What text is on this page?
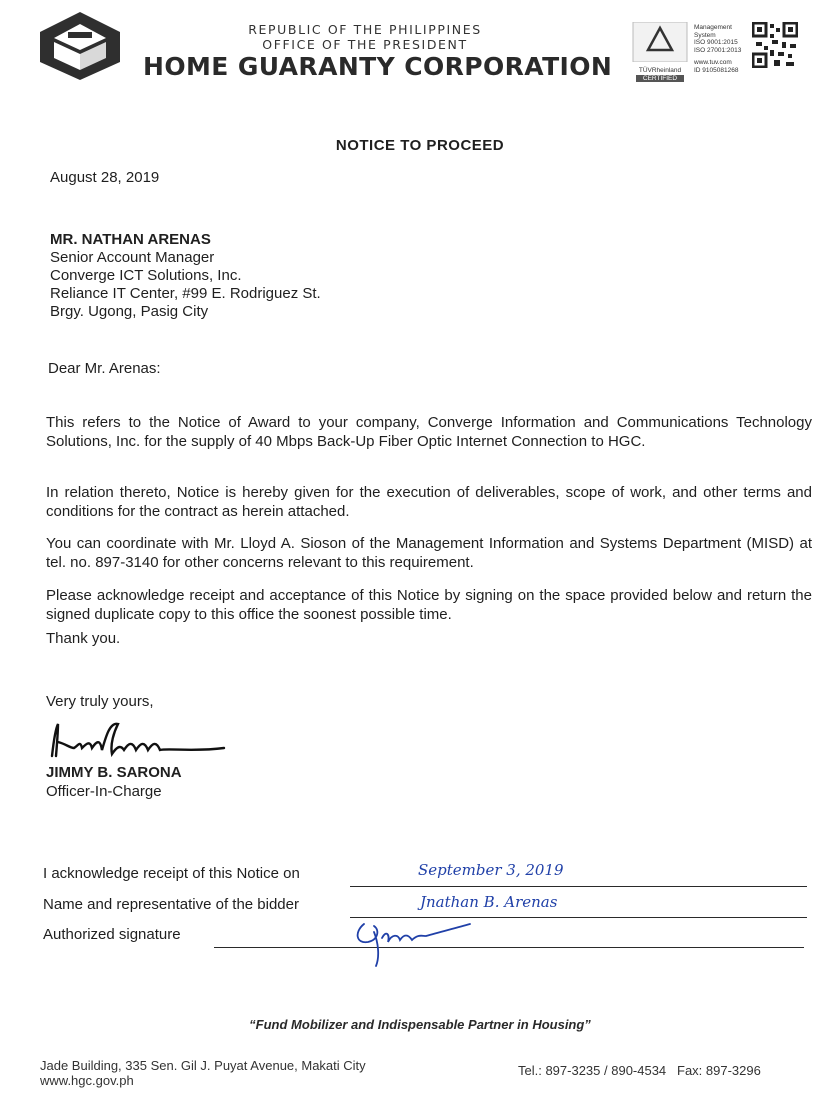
REPUBLIC OF THE PHILIPPINES
OFFICE OF THE PRESIDENT
HOME GUARANTY CORPORATION	TÜVRheinland
CERTIFIED
Management
System
ISO 9001:2015
ISO 27001:2013
www.tuv.com
ID 9105081268
NOTICE TO PROCEED
August 28, 2019
MR. NATHAN ARENAS
Senior Account Manager
Converge ICT Solutions, Inc.
Reliance IT Center, #99 E. Rodriguez St.
Brgy. Ugong, Pasig City
Dear Mr. Arenas:
This refers to the Notice of Award to your company, Converge Information and Communications Technology Solutions, Inc. for the supply of 40 Mbps Back-Up Fiber Optic Internet Connection to HGC.
In relation thereto, Notice is hereby given for the execution of deliverables, scope of work, and other terms and conditions for the contract as herein attached.
You can coordinate with Mr. Lloyd A. Sioson of the Management Information and Systems Department (MISD) at tel. no. 897-3140 for other concerns relevant to this requirement.
Please acknowledge receipt and acceptance of this Notice by signing on the space provided below and return the signed duplicate copy to this office the soonest possible time.
Thank you.
Very truly yours,
JIMMY B. SARONA
Officer-In-Charge
I acknowledge receipt of this Notice on	September 3, 2019
Name and representative of the bidder	Jnathan B. Arenas
Authorized signature
“Fund Mobilizer and Indispensable Partner in Housing”
Jade Building, 335 Sen. Gil J. Puyat Avenue, Makati City
www.hgc.gov.ph
Tel.: 897-3235 / 890-4534   Fax: 897-3296
